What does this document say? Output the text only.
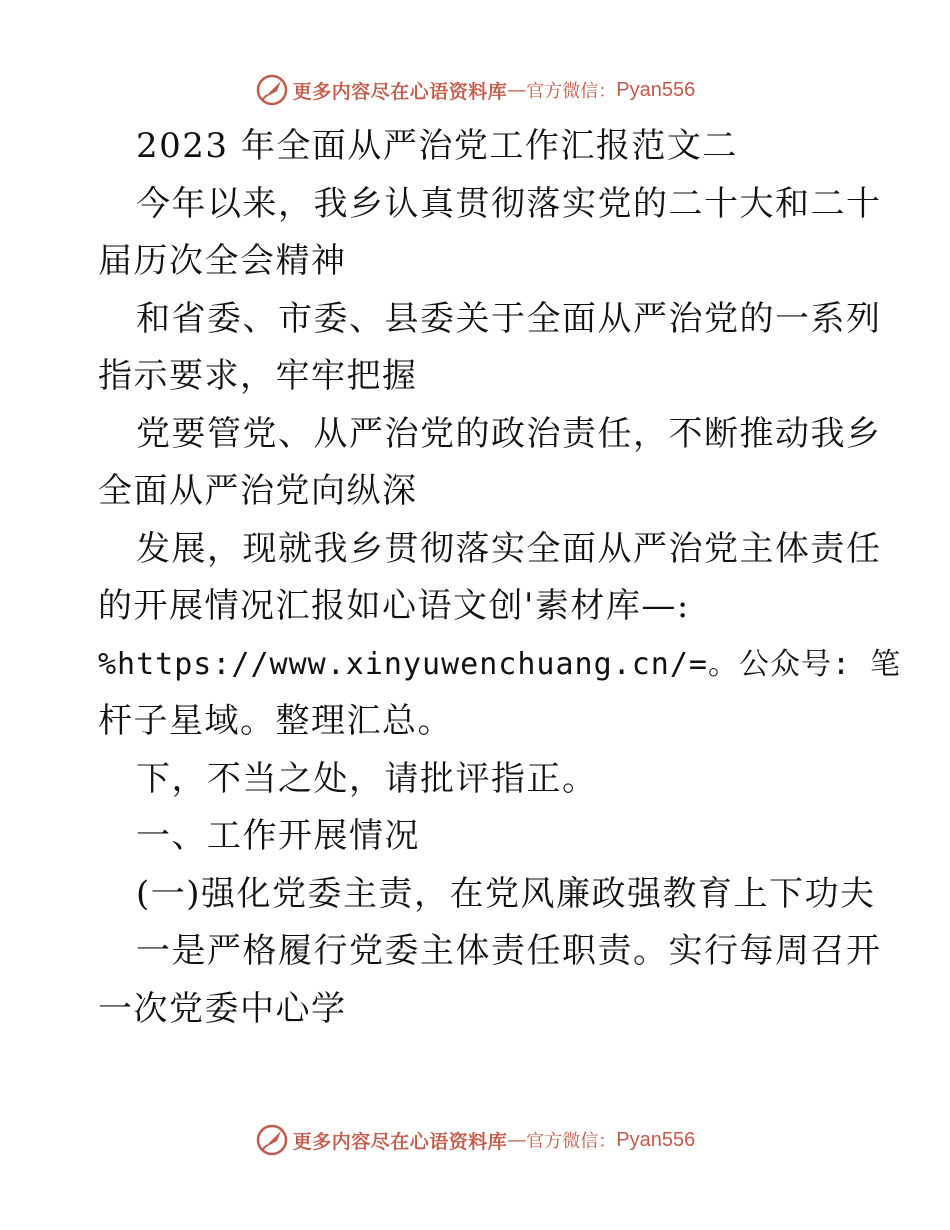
更多内容尽在心语资料库 — 官方微信： Pyan556
2023 年全面从严治党工作汇报范文二
今年以来，我乡认真贯彻落实党的二十大和二十
届历次全会精神
和省委、市委、县委关于全面从严治党的一系列
指示要求，牢牢把握
党要管党、从严治党的政治责任，不断推动我乡
全面从严治党向纵深
发展，现就我乡贯彻落实全面从严治党主体责任
的开展情况汇报如心语文创'素材库—:
%https://www.xinyuwenchuang.cn/=。公众号: 笔
杆子星域。整理汇总。
下，不当之处，请批评指正。
一、工作开展情况
(一)强化党委主责，在党风廉政强教育上下功夫
一是严格履行党委主体责任职责。实行每周召开
一次党委中心学
更多内容尽在心语资料库 — 官方微信： Pyan556
